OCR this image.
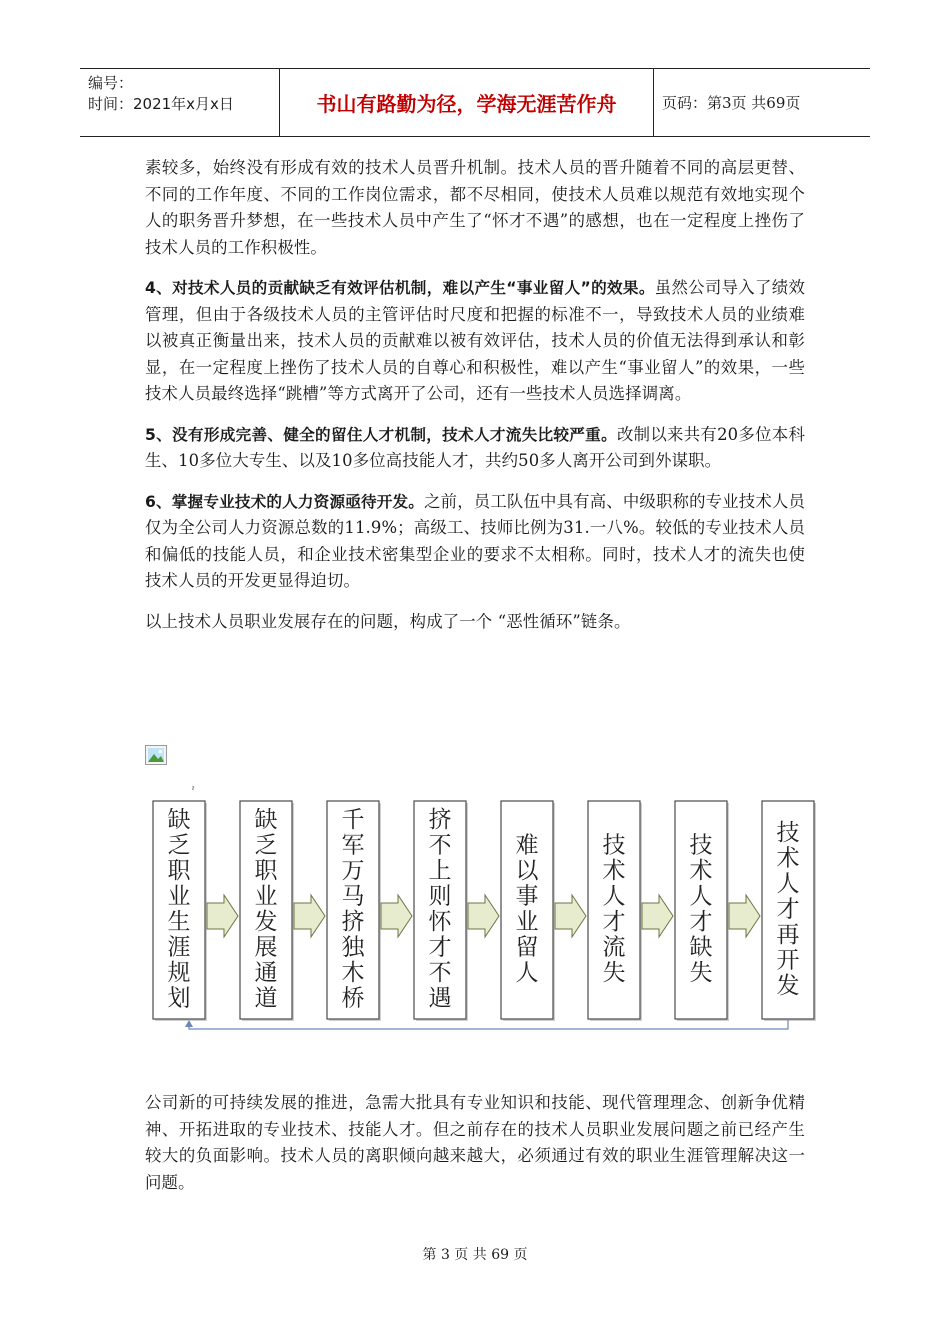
编号：
时间：2021年x月x日	书山有路勤为径，学海无涯苦作舟	页码：第3页 共69页

素较多，始终没有形成有效的技术人员晋升机制。技术人员的晋升随着不同的高层更替、不同的工作年度、不同的工作岗位需求，都不尽相同，使技术人员难以规范有效地实现个人的职务晋升梦想，在一些技术人员中产生了“怀才不遇”的感想，也在一定程度上挫伤了技术人员的工作积极性。

4、对技术人员的贡献缺乏有效评估机制，难以产生“事业留人”的效果。虽然公司导入了绩效管理，但由于各级技术人员的主管评估时尺度和把握的标准不一，导致技术人员的业绩难以被真正衡量出来，技术人员的贡献难以被有效评估，技术人员的价值无法得到承认和彰显，在一定程度上挫伤了技术人员的自尊心和积极性，难以产生“事业留人”的效果，一些技术人员最终选择“跳槽”等方式离开了公司，还有一些技术人员选择调离。

5、没有形成完善、健全的留住人才机制，技术人才流失比较严重。改制以来共有20多位本科生、10多位大专生、以及10多位高技能人才，共约50多人离开公司到外谋职。

6、掌握专业技术的人力资源亟待开发。之前，员工队伍中具有高、中级职称的专业技术人员仅为全公司人力资源总数的11.9%；高级工、技师比例为31.一八%。较低的专业技术人员和偏低的技能人员，和企业技术密集型企业的要求不太相称。同时，技术人才的流失也使技术人员的开发更显得迫切。

以上技术人员职业发展存在的问题，构成了一个 “恶性循环”链条。

ˀ
缺
乏
职
业
生
涯
规
划
缺
乏
职
业
发
展
通
道
千
军
万
马
挤
独
木
桥
挤
不
上
则
怀
才
不
遇
难
以
事
业
留
人
技
术
人
才
流
失
技
术
人
才
缺
失
技
术
人
才
再
开
发

公司新的可持续发展的推进，急需大批具有专业知识和技能、现代管理理念、创新争优精神、开拓进取的专业技术、技能人才。但之前存在的技术人员职业发展问题之前已经产生较大的负面影响。技术人员的离职倾向越来越大，必须通过有效的职业生涯管理解决这一问题。

第 3 页 共 69 页
